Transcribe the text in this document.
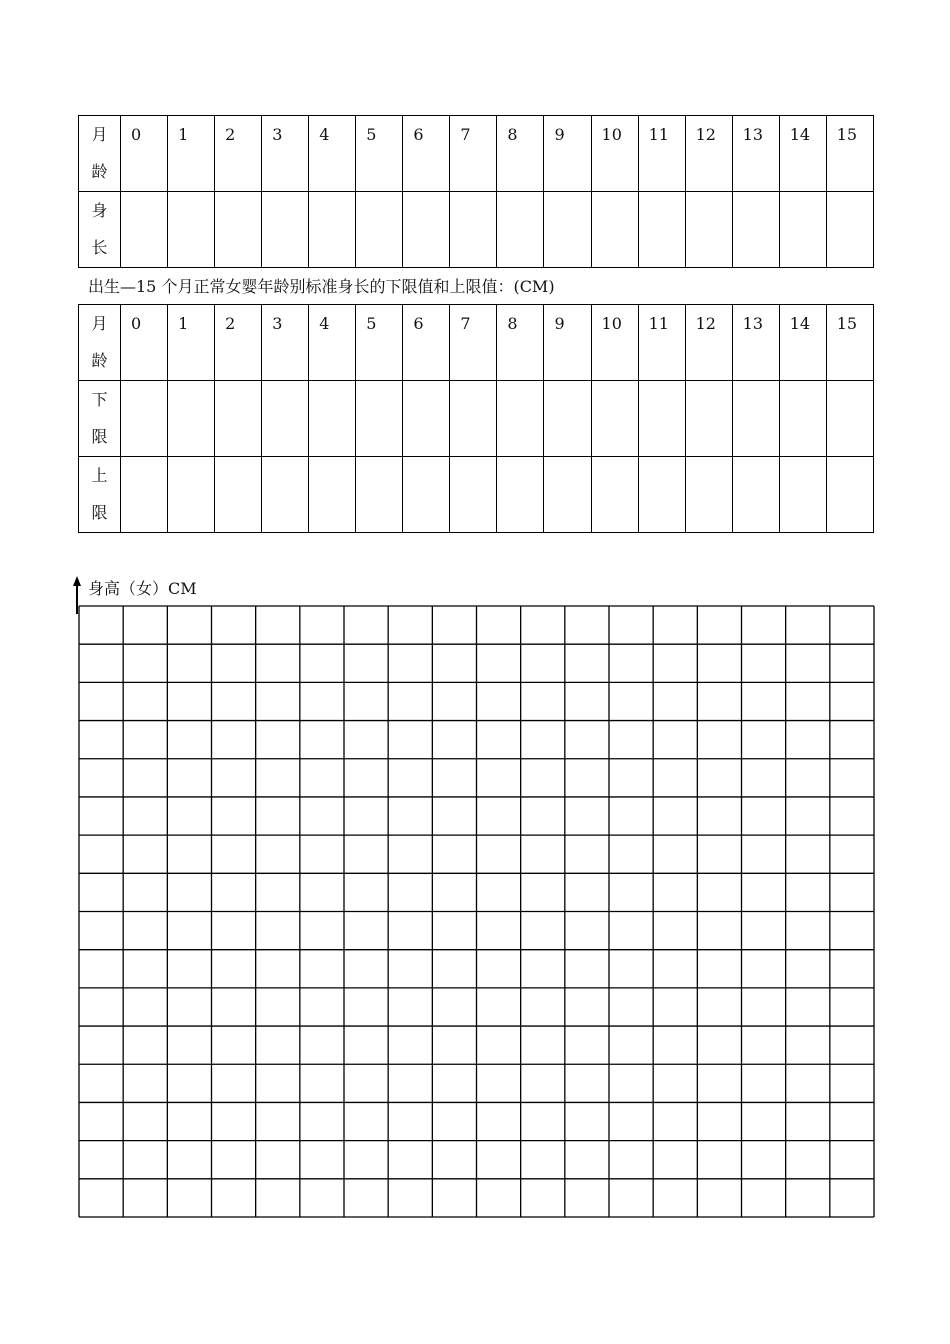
月
龄	0	1	2	3	4	5	6	7	8	9	10	11	12	13	14	15

身
长																

出生—15 个月正常女婴年龄别标准身长的下限值和上限值：(CM)
月
龄	0	1	2	3	4	5	6	7	8	9	10	11	12	13	14	15

下
限																

上
限																

身高（女）CM
